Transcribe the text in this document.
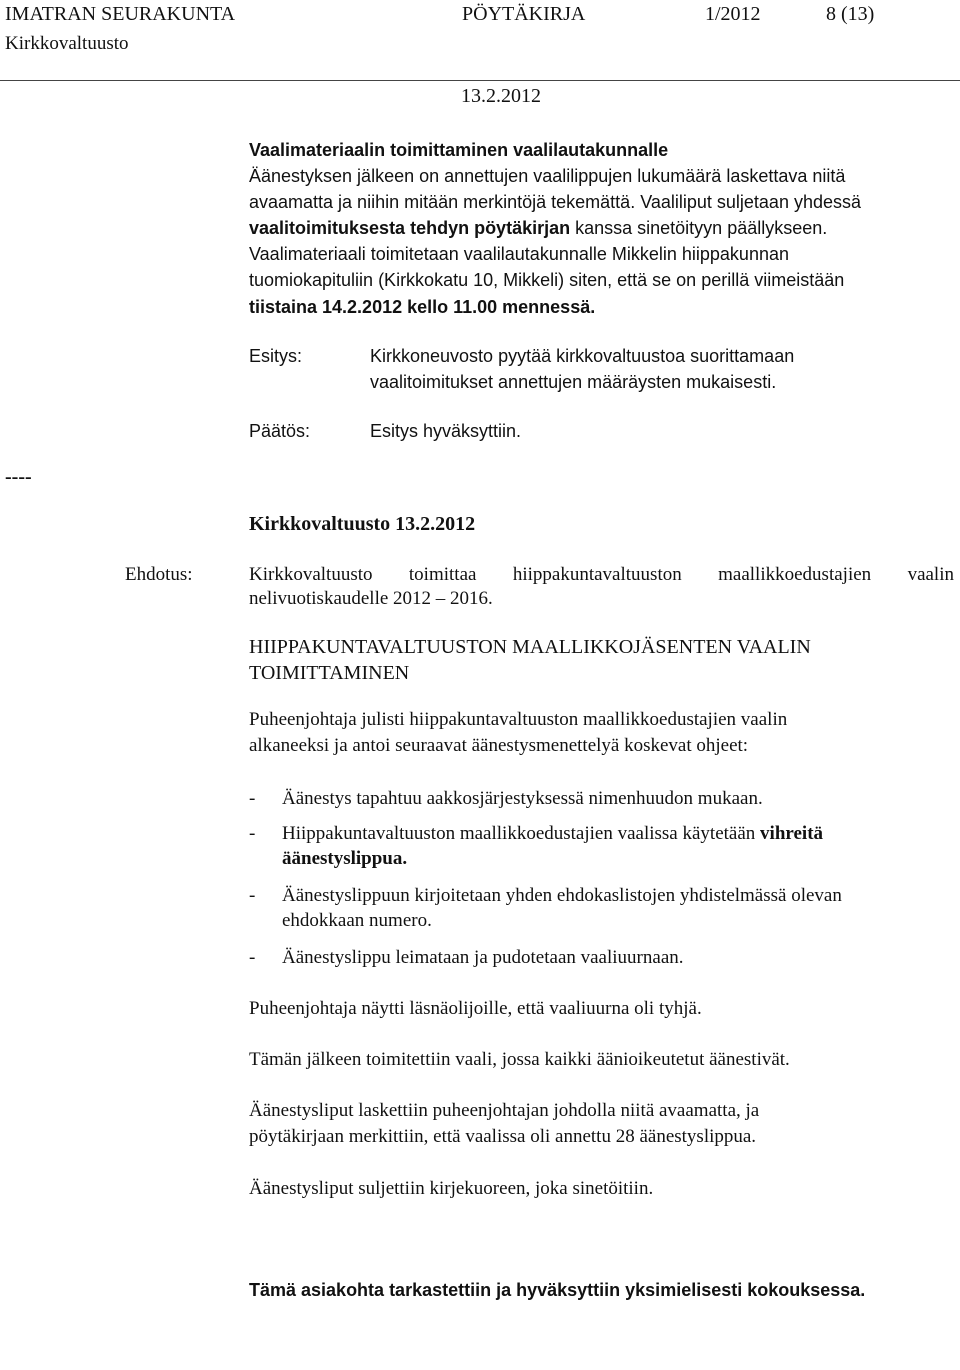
IMATRAN SEURAKUNTA	PÖYTÄKIRJA	1/2012	8 (13)
Kirkkovaltuusto
13.2.2012
Vaalimateriaalin toimittaminen vaalilautakunnalle
Äänestyksen jälkeen on annettujen vaalilippujen lukumäärä laskettava niitä
avaamatta ja niihin mitään merkintöjä tekemättä. Vaaliliput suljetaan yhdessä
vaalitoimituksesta tehdyn pöytäkirjan kanssa sinetöityyn päällykseen.
Vaalimateriaali toimitetaan vaalilautakunnalle Mikkelin hiippakunnan
tuomiokapituliin (Kirkkokatu 10, Mikkeli) siten, että se on perillä viimeistään
tiistaina 14.2.2012 kello 11.00 mennessä.
Esitys:	Kirkkoneuvosto pyytää kirkkovaltuustoa suorittamaan
vaalitoimitukset annettujen määräysten mukaisesti.
Päätös:	Esitys hyväksyttiin.
----
Kirkkovaltuusto 13.2.2012
Ehdotus:	Kirkkovaltuusto toimittaa hiippakuntavaltuuston maallikkoedustajien vaalin
nelivuotiskaudelle 2012 – 2016.
HIIPPAKUNTAVALTUUSTON MAALLIKKOJÄSENTEN VAALIN
TOIMITTAMINEN
Puheenjohtaja julisti hiippakuntavaltuuston maallikkoedustajien vaalin
alkaneeksi ja antoi seuraavat äänestysmenettelyä koskevat ohjeet:
- Äänestys tapahtuu aakkosjärjestyksessä nimenhuudon mukaan.
- Hiippakuntavaltuuston maallikkoedustajien vaalissa käytetään vihreitä
äänestyslippua.
- Äänestyslippuun kirjoitetaan yhden ehdokaslistojen yhdistelmässä olevan
ehdokkaan numero.
- Äänestyslippu leimataan ja pudotetaan vaaliuurnaan.
Puheenjohtaja näytti läsnäolijoille, että vaaliuurna oli tyhjä.
Tämän jälkeen toimitettiin vaali, jossa kaikki äänioikeutetut äänestivät.
Äänestysliput laskettiin puheenjohtajan johdolla niitä avaamatta, ja
pöytäkirjaan merkittiin, että vaalissa oli annettu 28 äänestyslippua.
Äänestysliput suljettiin kirjekuoreen, joka sinetöitiin.
Tämä asiakohta tarkastettiin ja hyväksyttiin yksimielisesti kokouksessa.
